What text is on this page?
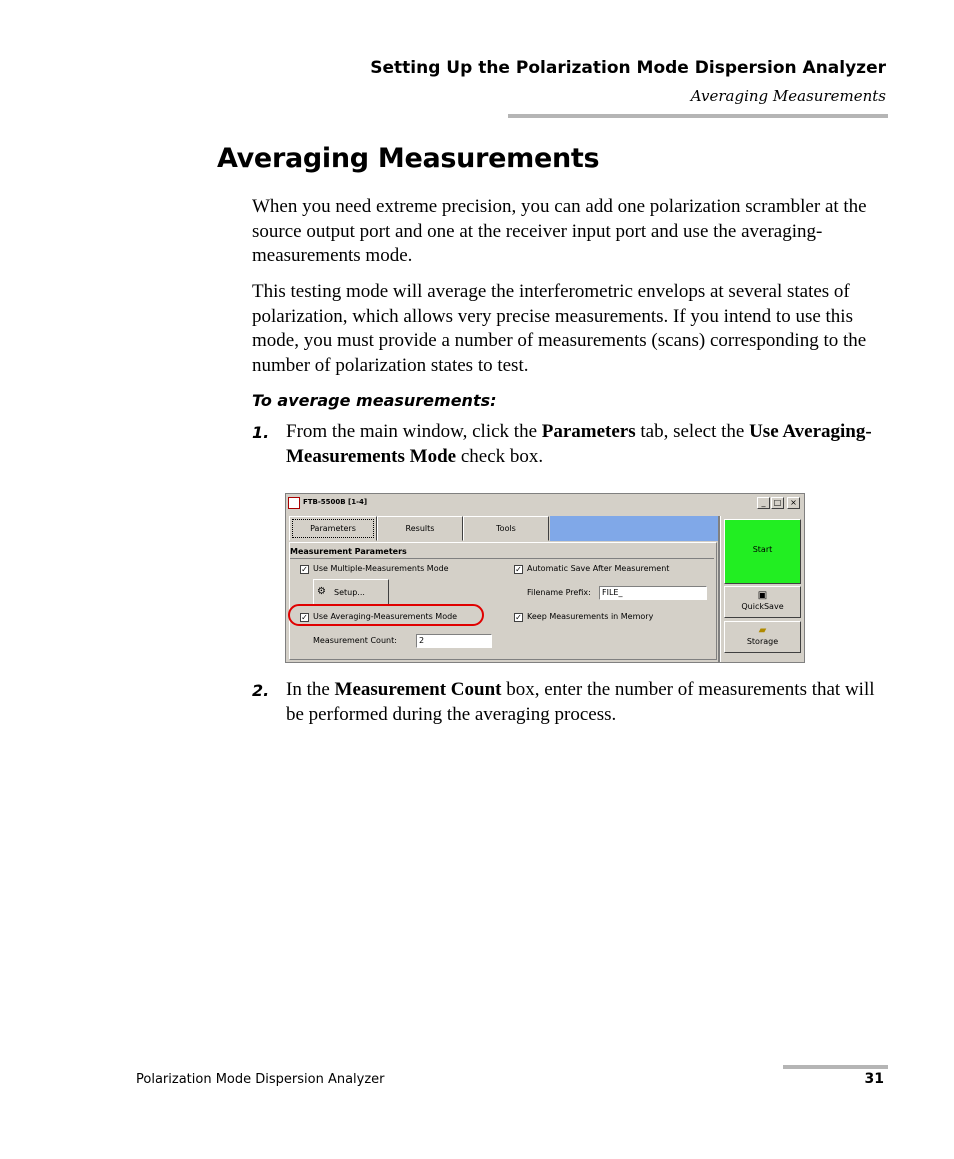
Setting Up the Polarization Mode Dispersion Analyzer
Averaging Measurements
Averaging Measurements

When you need extreme precision, you can add one polarization scrambler at the source output port and one at the receiver input port and use the averaging-measurements mode.

This testing mode will average the interferometric envelops at several states of polarization, which allows very precise measurements. If you intend to use this mode, you must provide a number of measurements (scans) corresponding to the number of polarization states to test.

To average measurements:
1. From the main window, click the Parameters tab, select the Use Averaging-Measurements Mode check box.

FTB-5500B [1-4]	_	□	×
Parameters	Results	Tools
Measurement Parameters
✓ Use Multiple-Measurements Mode
⚙ Setup...
✓ Use Averaging-Measurements Mode
Measurement Count:	2
✓ Automatic Save After Measurement
Filename Prefix:	FILE_
✓ Keep Measurements in Memory
Start
▣
QuickSave
▰
Storage
2. In the Measurement Count box, enter the number of measurements that will be performed during the averaging process.

Polarization Mode Dispersion Analyzer	31
